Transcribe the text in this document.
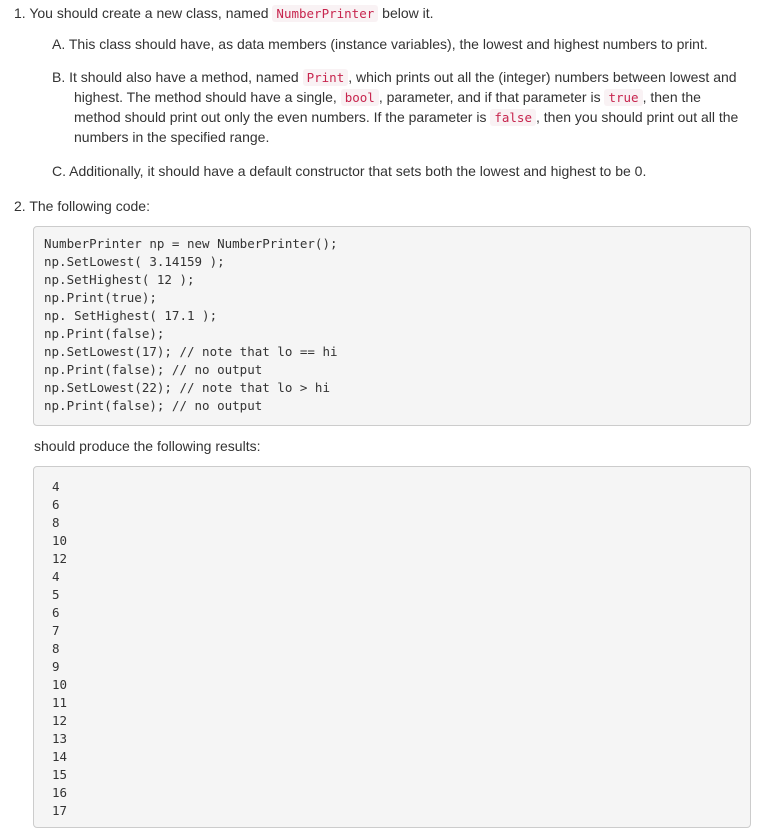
1. You should create a new class, named NumberPrinter below it.
A. This class should have, as data members (instance variables), the lowest and highest numbers to print.
B. It should also have a method, named Print , which prints out all the (integer) numbers between lowest and
highest. The method should have a single, bool , parameter, and if that parameter is true , then the
method should print out only the even numbers. If the parameter is false , then you should print out all the
numbers in the specified range.
C. Additionally, it should have a default constructor that sets both the lowest and highest to be 0.
2. The following code:
NumberPrinter np = new NumberPrinter();
np.SetLowest( 3.14159 );
np.SetHighest( 12 );
np.Print(true);
np. SetHighest( 17.1 );
np.Print(false);
np.SetLowest(17); // note that lo == hi
np.Print(false); // no output
np.SetLowest(22); // note that lo > hi
np.Print(false); // no output
should produce the following results:
4
6
8
10
12
4
5
6
7
8
9
10
11
12
13
14
15
16
17
